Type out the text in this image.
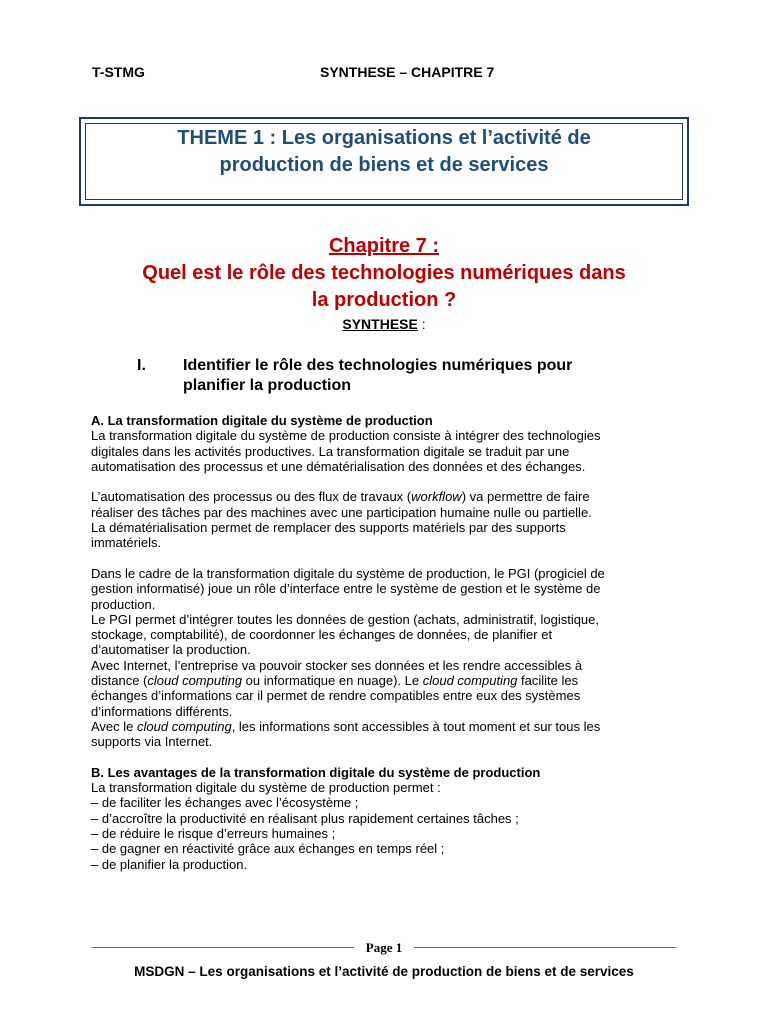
T-STMG	SYNTHESE – CHAPITRE 7
THEME 1 : Les organisations et l’activité de
production de biens et de services
Chapitre 7 :
Quel est le rôle des technologies numériques dans
la production ?
SYNTHESE :
I. Identifier le rôle des technologies numériques pour
planifier la production

A. La transformation digitale du système de production

La transformation digitale du système de production consiste à intégrer des technologies

digitales dans les activités productives. La transformation digitale se traduit par une

automatisation des processus et une dématérialisation des données et des échanges.

L’automatisation des processus ou des flux de travaux (workflow) va permettre de faire

réaliser des tâches par des machines avec une participation humaine nulle ou partielle.

La dématérialisation permet de remplacer des supports matériels par des supports

immatériels.

Dans le cadre de la transformation digitale du système de production, le PGI (progiciel de

gestion informatisé) joue un rôle d’interface entre le système de gestion et le système de

production.

Le PGI permet d’intégrer toutes les données de gestion (achats, administratif, logistique,

stockage, comptabilité), de coordonner les échanges de données, de planifier et

d’automatiser la production.

Avec Internet, l’entreprise va pouvoir stocker ses données et les rendre accessibles à

distance (cloud computing ou informatique en nuage). Le cloud computing facilite les

échanges d’informations car il permet de rendre compatibles entre eux des systèmes

d’informations différents.

Avec le cloud computing, les informations sont accessibles à tout moment et sur tous les

supports via Internet.

B. Les avantages de la transformation digitale du système de production

La transformation digitale du système de production permet :

– de faciliter les échanges avec l’écosystème ;

– d’accroître la productivité en réalisant plus rapidement certaines tâches ;

– de réduire le risque d’erreurs humaines ;

– de gagner en réactivité grâce aux échanges en temps réel ;

– de planifier la production.

Page 1
MSDGN – Les organisations et l’activité de production de biens et de services
